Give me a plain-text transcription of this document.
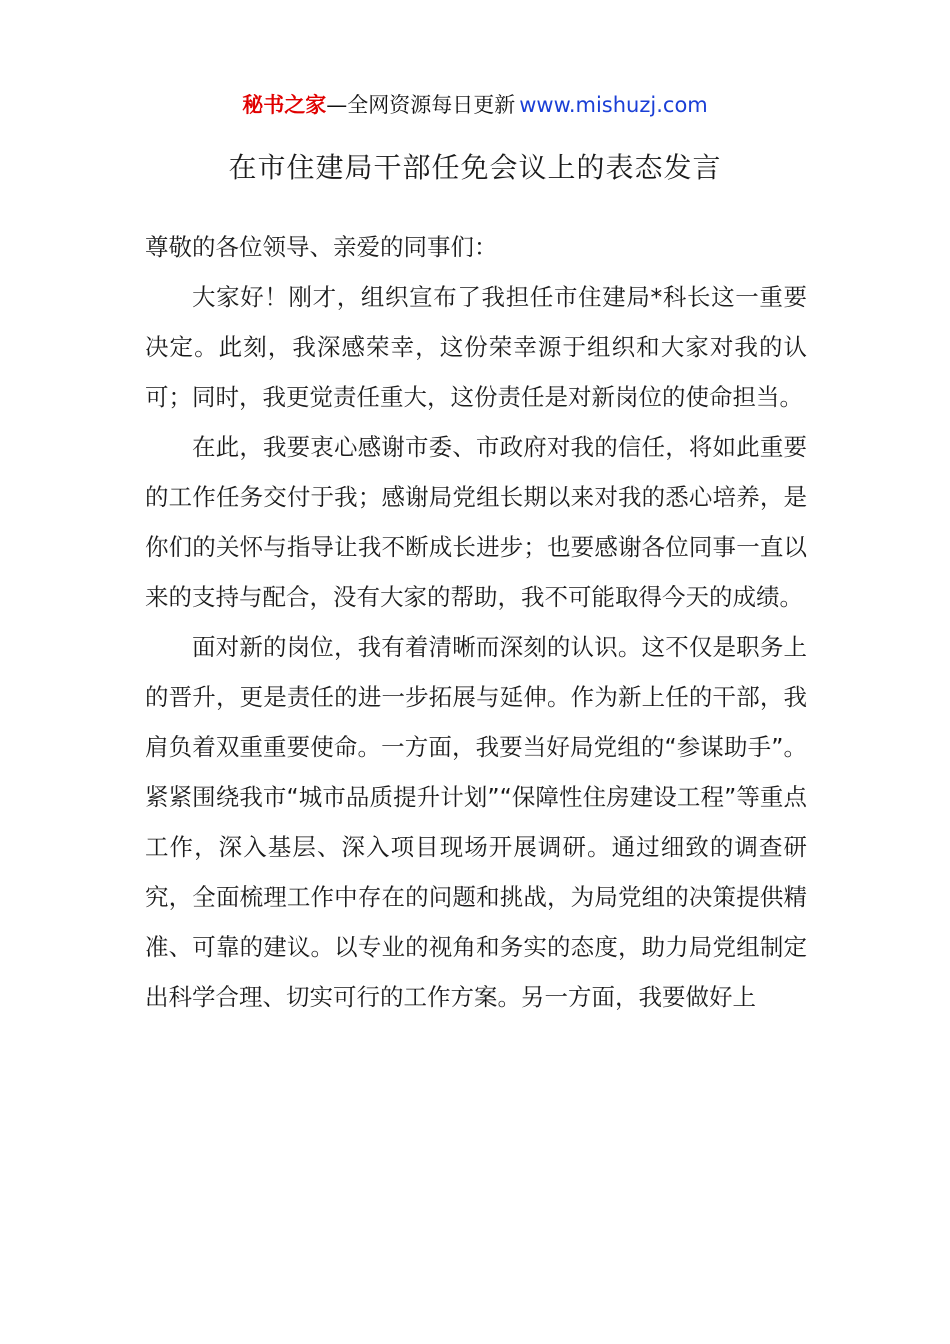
秘书之家—全网资源每日更新 www.mishuzj.com
在市住建局干部任免会议上的表态发言

尊敬的各位领导、亲爱的同事们：

大家好！刚才，组织宣布了我担任市住建局*科长这一重要决定。此刻，我深感荣幸，这份荣幸源于组织和大家对我的认可；同时，我更觉责任重大，这份责任是对新岗位的使命担当。

在此，我要衷心感谢市委、市政府对我的信任，将如此重要的工作任务交付于我；感谢局党组长期以来对我的悉心培养，是你们的关怀与指导让我不断成长进步；也要感谢各位同事一直以来的支持与配合，没有大家的帮助，我不可能取得今天的成绩。

面对新的岗位，我有着清晰而深刻的认识。这不仅是职务上的晋升，更是责任的进一步拓展与延伸。作为新上任的干部，我肩负着双重重要使命。一方面，我要当好局党组的“参谋助手”。紧紧围绕我市“城市品质提升计划”“保障性住房建设工程”等重点工作，深入基层、深入项目现场开展调研。通过细致的调查研究，全面梳理工作中存在的问题和挑战，为局党组的决策提供精准、可靠的建议。以专业的视角和务实的态度，助力局党组制定出科学合理、切实可行的工作方案。另一方面，我要做好上
